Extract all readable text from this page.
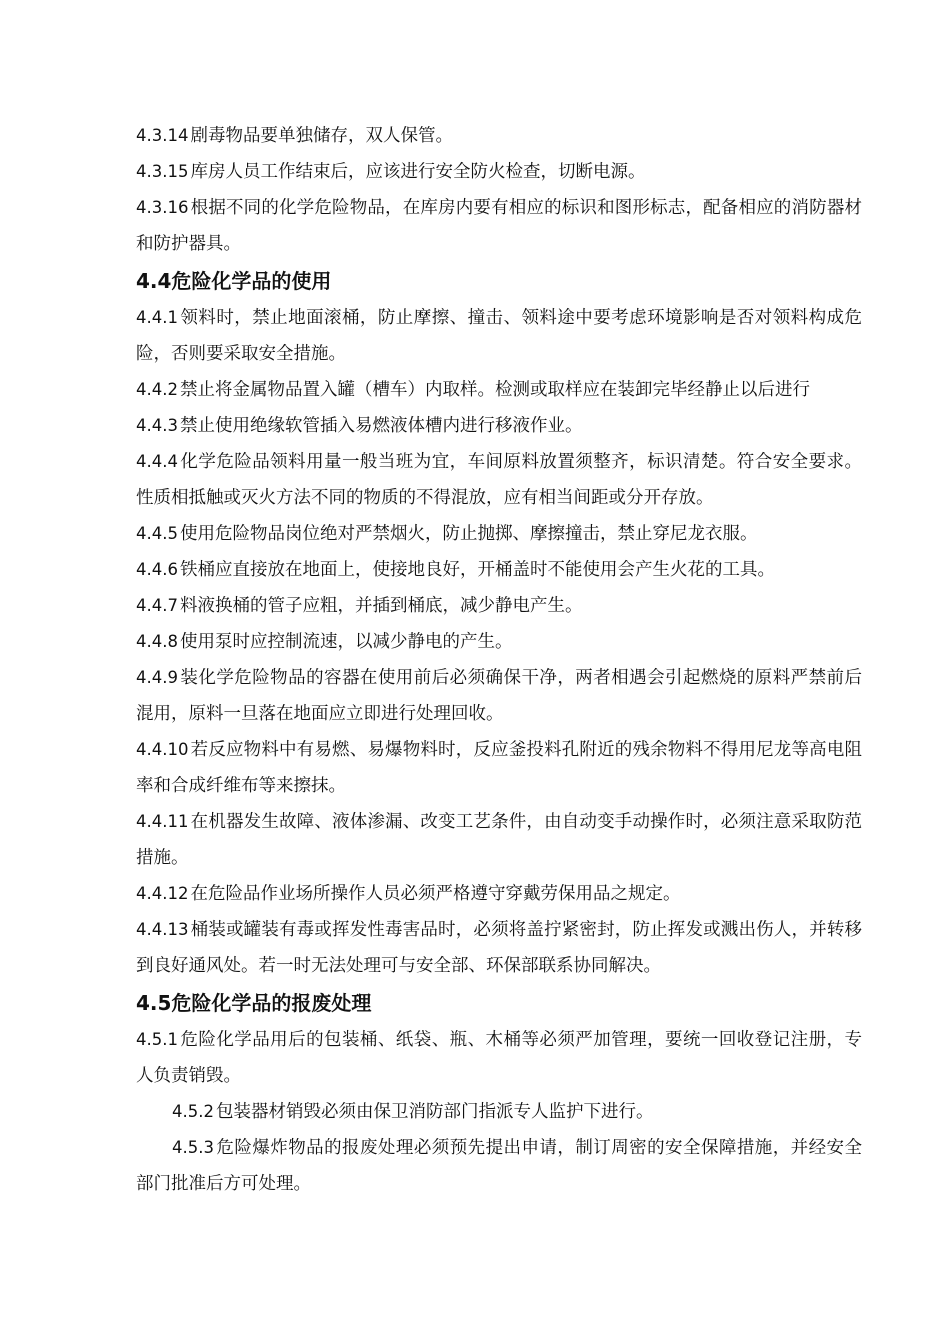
4.3.14 剧毒物品要单独储存，双人保管。

4.3.15 库房人员工作结束后，应该进行安全防火检查，切断电源。

4.3.16 根据不同的化学危险物品，在库房内要有相应的标识和图形标志，配备相应的消防器材和防护器具。

4.4危险化学品的使用

4.4.1 领料时，禁止地面滚桶，防止摩擦、撞击、领料途中要考虑环境影响是否对领料构成危险，否则要采取安全措施。

4.4.2 禁止将金属物品置入罐（槽车）内取样。检测或取样应在装卸完毕经静止以后进行

4.4.3 禁止使用绝缘软管插入易燃液体槽内进行移液作业。

4.4.4 化学危险品领料用量一般当班为宜，车间原料放置须整齐，标识清楚。符合安全要求。性质相抵触或灭火方法不同的物质的不得混放，应有相当间距或分开存放。

4.4.5 使用危险物品岗位绝对严禁烟火，防止抛掷、摩擦撞击，禁止穿尼龙衣服。

4.4.6 铁桶应直接放在地面上，使接地良好，开桶盖时不能使用会产生火花的工具。

4.4.7 料液换桶的管子应粗，并插到桶底，减少静电产生。

4.4.8 使用泵时应控制流速，以减少静电的产生。

4.4.9 装化学危险物品的容器在使用前后必须确保干净，两者相遇会引起燃烧的原料严禁前后混用，原料一旦落在地面应立即进行处理回收。

4.4.10 若反应物料中有易燃、易爆物料时，反应釜投料孔附近的残余物料不得用尼龙等高电阻率和合成纤维布等来擦抹。

4.4.11 在机器发生故障、液体渗漏、改变工艺条件，由自动变手动操作时，必须注意采取防范措施。

4.4.12 在危险品作业场所操作人员必须严格遵守穿戴劳保用品之规定。

4.4.13 桶装或罐装有毒或挥发性毒害品时，必须将盖拧紧密封，防止挥发或溅出伤人，并转移到良好通风处。若一时无法处理可与安全部、环保部联系协同解决。

4.5危险化学品的报废处理

4.5.1 危险化学品用后的包装桶、纸袋、瓶、木桶等必须严加管理，要统一回收登记注册，专人负责销毁。

4.5.2 包装器材销毁必须由保卫消防部门指派专人监护下进行。

4.5.3 危险爆炸物品的报废处理必须预先提出申请，制订周密的安全保障措施，并经安全部门批准后方可处理。
